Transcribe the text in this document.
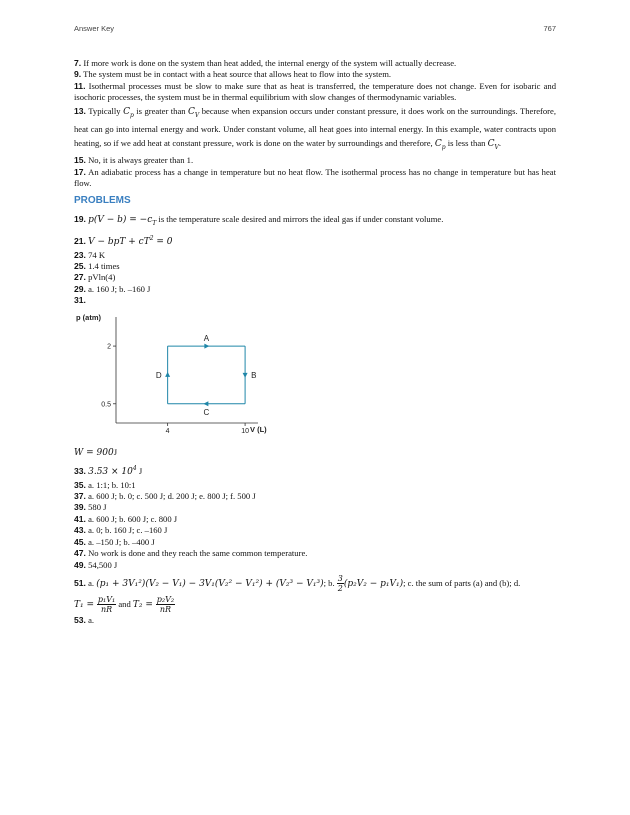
Answer Key	767

7. If more work is done on the system than heat added, the internal energy of the system will actually decrease.

9. The system must be in contact with a heat source that allows heat to flow into the system.

11. Isothermal processes must be slow to make sure that as heat is transferred, the temperature does not change. Even for isobaric and isochoric processes, the system must be in thermal equilibrium with slow changes of thermodynamic variables.

13. Typically $C_p$ is greater than $C_V$ because when expansion occurs under constant pressure, it does work on the surroundings. Therefore, heat can go into internal energy and work. Under constant volume, all heat goes into internal energy. In this example, water contracts upon heating, so if we add heat at constant pressure, work is done on the water by surroundings and therefore, $C_p$ is less than $C_V$.

15. No, it is always greater than 1.

17. An adiabatic process has a change in temperature but no heat flow. The isothermal process has no change in temperature but has heat flow.

PROBLEMS

19. $p(V - b) = -c_T$ is the temperature scale desired and mirrors the ideal gas if under constant volume.

21. V − bpT + $cT^2 = 0$

23. 74 K

25. 1.4 times

27. pVln(4)

29. a. 160 J; b. –160 J

31.

p (atm)
V (L)
4	10
2
0.5
A
B
C
D

W = 900J

33. $3.53 \times 10^4$ J

35. a. 1:1; b. 10:1

37. a. 600 J; b. 0; c. 500 J; d. 200 J; e. 800 J; f. 500 J

39. 580 J

41. a. 600 J; b. 600 J; c. 800 J

43. a. 0; b. 160 J; c. –160 J

45. a. –150 J; b. –400 J

47. No work is done and they reach the same common temperature.

49. 54,500 J

51. a. (p₁ + 3V₁²)(V₂ − V₁) − 3V₁(V₂² − V₁²) + (V₂³ − V₁³); b. $\frac{3}{2} (p_2V_2 - p_1V_1)$; c. the sum of parts (a) and (b); d.

$T_1 = \frac{\text{p₁V₁}}{nR}$ and $T_2 = \frac{\text{p₂V₂}}{nR}$

53. a.
